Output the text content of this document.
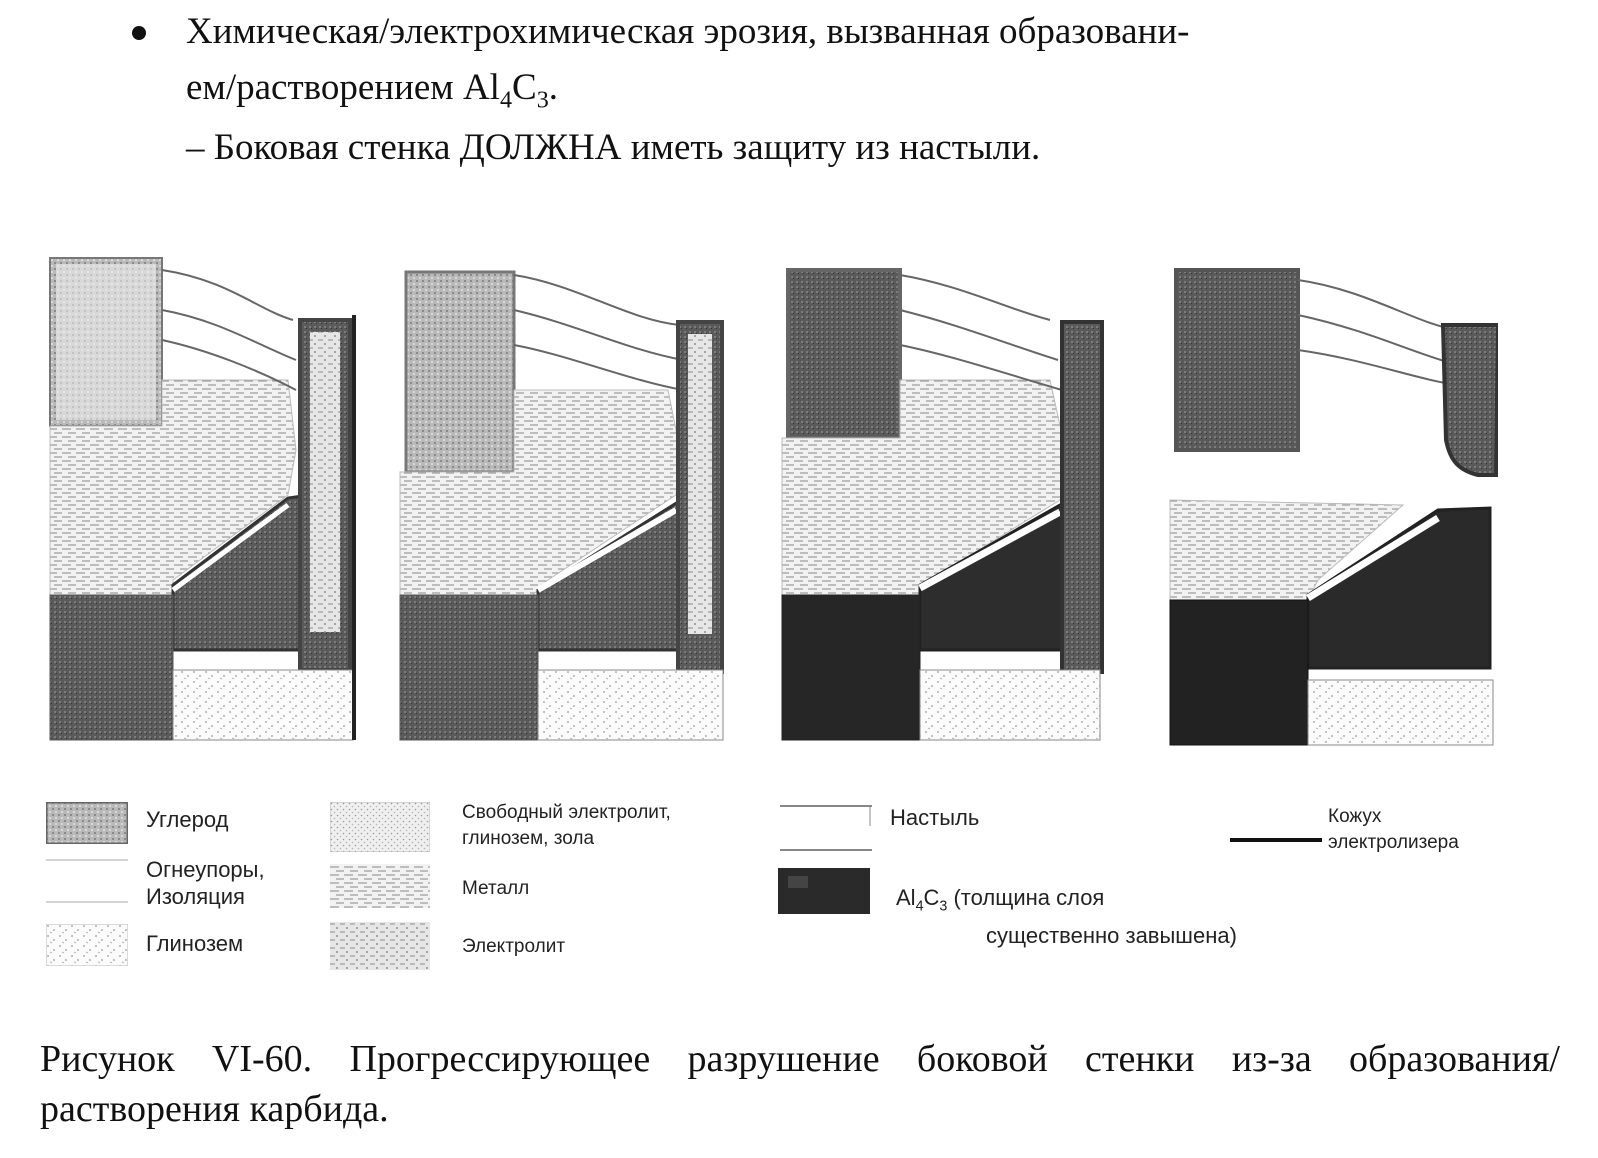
Химическая/электрохимическая эрозия, вызванная образовани-
ем/растворением $Al_4C_3$.
– Боковая стенка ДОЛЖНА иметь защиту из настыли.
Углерод
Огнеупоры,
Изоляция
Глинозем
Свободный электролит,
глинозем, зола
Металл
Электролит
Настыль
$Al_4C_3$ (толщина слоя
существенно завышена)
Кожух
электролизера
Рисунок VI-60. Прогрессирующее разрушение боковой стенки из-за образования/растворения карбида.
